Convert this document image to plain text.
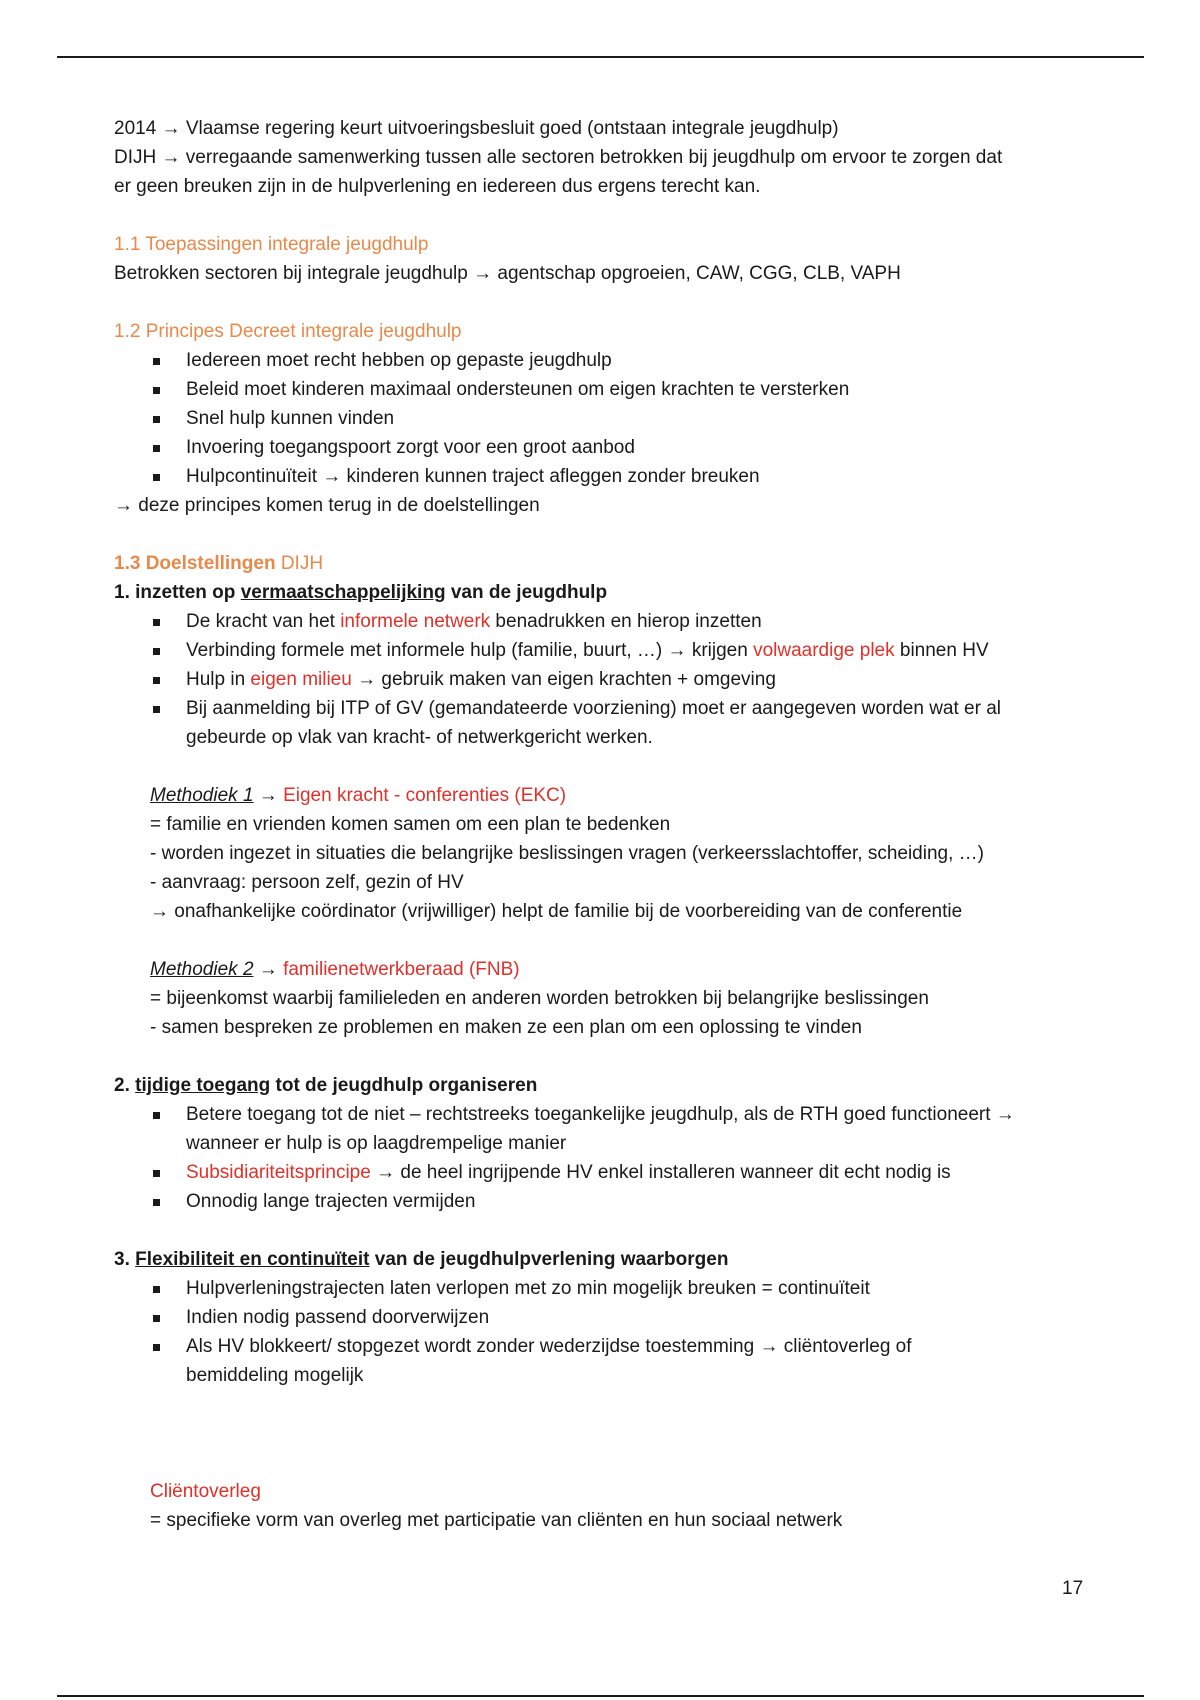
2014 → Vlaamse regering keurt uitvoeringsbesluit goed (ontstaan integrale jeugdhulp)
DIJH → verregaande samenwerking tussen alle sectoren betrokken bij jeugdhulp om ervoor te zorgen dat
er geen breuken zijn in de hulpverlening en iedereen dus ergens terecht kan.
1.1 Toepassingen integrale jeugdhulp
Betrokken sectoren bij integrale jeugdhulp → agentschap opgroeien, CAW, CGG, CLB, VAPH
1.2 Principes Decreet integrale jeugdhulp
Iedereen moet recht hebben op gepaste jeugdhulp
Beleid moet kinderen maximaal ondersteunen om eigen krachten te versterken
Snel hulp kunnen vinden
Invoering toegangspoort zorgt voor een groot aanbod
Hulpcontinuïteit → kinderen kunnen traject afleggen zonder breuken
→ deze principes komen terug in de doelstellingen
1.3 Doelstellingen DIJH
1. inzetten op vermaatschappelijking van de jeugdhulp
De kracht van het informele netwerk benadrukken en hierop inzetten
Verbinding formele met informele hulp (familie, buurt, …) → krijgen volwaardige plek binnen HV
Hulp in eigen milieu → gebruik maken van eigen krachten + omgeving
Bij aanmelding bij ITP of GV (gemandateerde voorziening) moet er aangegeven worden wat er al
gebeurde op vlak van kracht- of netwerkgericht werken.
Methodiek 1 → Eigen kracht - conferenties (EKC)
= familie en vrienden komen samen om een plan te bedenken
- worden ingezet in situaties die belangrijke beslissingen vragen (verkeersslachtoffer, scheiding, …)
- aanvraag: persoon zelf, gezin of HV
→ onafhankelijke coördinator (vrijwilliger) helpt de familie bij de voorbereiding van de conferentie
Methodiek 2 → familienetwerkberaad (FNB)
= bijeenkomst waarbij familieleden en anderen worden betrokken bij belangrijke beslissingen
- samen bespreken ze problemen en maken ze een plan om een oplossing te vinden
2. tijdige toegang tot de jeugdhulp organiseren
Betere toegang tot de niet – rechtstreeks toegankelijke jeugdhulp, als de RTH goed functioneert →
wanneer er hulp is op laagdrempelige manier
Subsidiariteitsprincipe → de heel ingrijpende HV enkel installeren wanneer dit echt nodig is
Onnodig lange trajecten vermijden
3. Flexibiliteit en continuïteit van de jeugdhulpverlening waarborgen
Hulpverleningstrajecten laten verlopen met zo min mogelijk breuken = continuïteit
Indien nodig passend doorverwijzen
Als HV blokkeert/ stopgezet wordt zonder wederzijdse toestemming → cliëntoverleg of
bemiddeling mogelijk
Cliëntoverleg
= specifieke vorm van overleg met participatie van cliënten en hun sociaal netwerk
17
